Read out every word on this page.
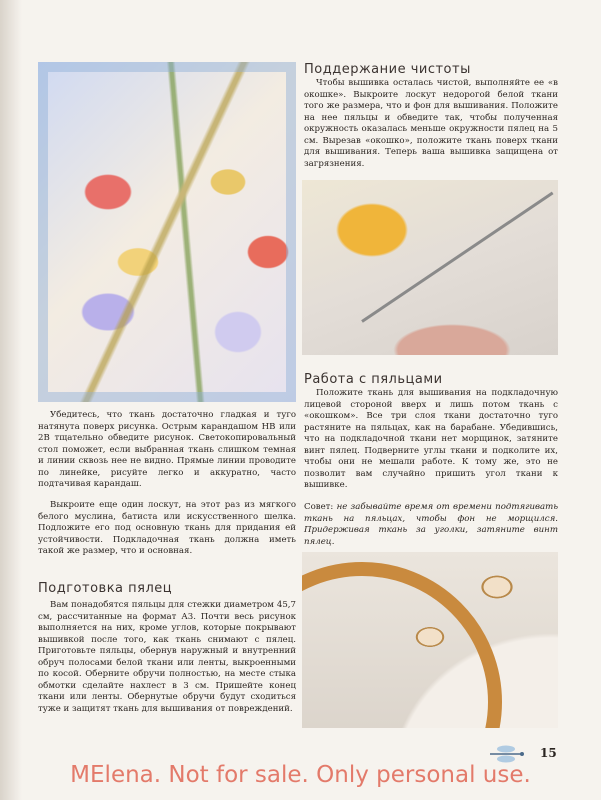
Убедитесь, что ткань достаточно гладкая и туго натянута поверх рисунка. Острым карандашом HB или 2B тщательно обведите рисунок. Светокопировальный стол поможет, если выбранная ткань слишком темная и линии сквозь нее не видно. Прямые линии проводите по линейке, рисуйте легко и аккуратно, часто подтачивая карандаш.

Выкроите еще один лоскут, на этот раз из мягкого белого муслина, батиста или искусственного шелка. Подложите его под основную ткань для придания ей устойчивости. Подкладочная ткань должна иметь такой же размер, что и основная.

Подготовка пялец

Вам понадобятся пяльцы для стежки диаметром 45,7 см, рассчитанные на формат А3. Почти весь рисунок выполняется на них, кроме углов, которые покрывают вышивкой после того, как ткань снимают с пялец. Приготовьте пяльцы, обернув наружный и внутренний обруч полосами белой ткани или ленты, выкроенными по косой. Оберните обручи полностью, на месте стыка обмотки сделайте нахлест в 3 см. Пришейте конец ткани или ленты. Обернутые обручи будут сходиться туже и защитят ткань для вышивания от повреждений.

Поддержание чистоты

Чтобы вышивка осталась чистой, выполняйте ее «в окошке». Выкроите лоскут недорогой белой ткани того же размера, что и фон для вышивания. Положите на нее пяльцы и обведите так, чтобы полученная окружность оказалась меньше окружности пялец на 5 см. Вырезав «окошко», положите ткань поверх ткани для вышивания. Теперь ваша вышивка защищена от загрязнения.

Работа с пяльцами

Положите ткань для вышивания на подкладочную лицевой стороной вверх и лишь потом ткань с «окошком». Все три слоя ткани достаточно туго растяните на пяльцах, как на барабане. Убедившись, что на подкладочной ткани нет морщинок, затяните винт пялец. Подверните углы ткани и подколите их, чтобы они не мешали работе. К тому же, это не позволит вам случайно пришить угол ткани к вышивке.

Совет: не забывайте время от времени подтягивать ткань на пяльцах, чтобы фон не морщился. Придерживая ткань за уголки, затяните винт пялец.
15
MElena. Not for sale. Only personal use.
